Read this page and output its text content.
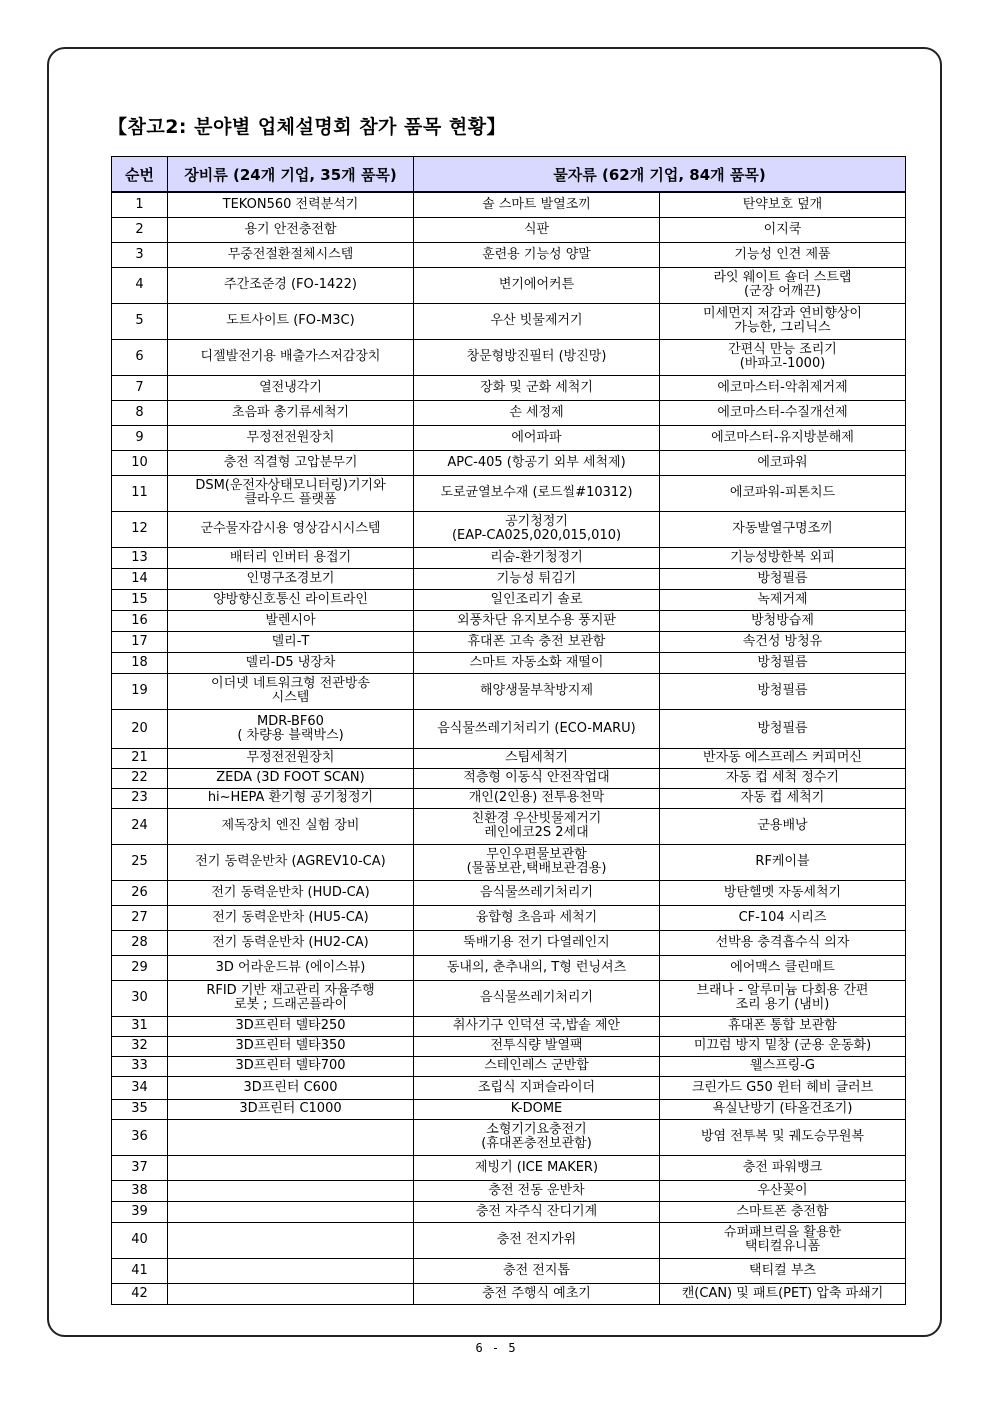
【참고2: 분야별 업체설명회 참가 품목 현황】
순번	장비류 (24개 기업, 35개 품목)	물자류 (62개 기업, 84개 품목)	
1	TEKON560 전력분석기	솔 스마트 발열조끼	탄약보호 덮개
2	용기 안전충전함	식판	이지쿡
3	무중전절환절체시스템	훈련용 기능성 양말	기능성 인견 제품
4	주간조준경 (FO-1422)	변기에어커튼	라잇 웨이트 숄더 스트랩
(군장 어깨끈)
5	도트사이트 (FO-M3C)	우산 빗물제거기	미세먼지 저감과 연비향상이
가능한, 그리닉스
6	디젤발전기용 배출가스저감장치	창문형방진필터 (방진망)	간편식 만능 조리기
(바파고-1000)
7	열전냉각기	장화 및 군화 세척기	에코마스터-악취제거제
8	초음파 총기류세척기	손 세정제	에코마스터-수질개선제
9	무정전전원장치	에어파파	에코마스터-유지방분해제
10	충전 직결형 고압분무기	APC-405 (항공기 외부 세척제)	에코파워
11	DSM(운전자상태모니터링)기기와
클라우드 플랫폼	도로균열보수재 (로드씰#10312)	에코파워-피톤치드
12	군수물자감시용 영상감시시스템	공기청정기
(EAP-CA025,020,015,010)	자동발열구명조끼
13	배터리 인버터 용접기	리숨-환기청정기	기능성방한복 외피
14	인명구조경보기	기능성 튀김기	방청필름
15	양방향신호통신 라이트라인	일인조리기 솔로	녹제거제
16	발렌시아	외풍차단 유지보수용 풍지판	방청방습제
17	델리-T	휴대폰 고속 충전 보관함	속건성 방청유
18	델리-D5 냉장차	스마트 자동소화 재떨이	방청필름
19	이더넷 네트워크형 전관방송
시스템	해양생물부착방지제	방청필름
20	MDR-BF60
( 차량용 블랙박스)	음식물쓰레기처리기 (ECO-MARU)	방청필름
21	무정전전원장치	스팀세척기	반자동 에스프레스 커피머신
22	ZEDA (3D FOOT SCAN)	적층형 이동식 안전작업대	자동 컵 세척 정수기
23	hi~HEPA 환기형 공기청정기	개인(2인용) 전투용천막	자동 컵 세척기
24	제독장치 엔진 실험 장비	친환경 우산빗물제거기
레인에코2S 2세대	군용배낭
25	전기 동력운반차 (AGREV10-CA)	무인우편물보관함
(물품보관,택배보관겸용)	RF케이블
26	전기 동력운반차 (HUD-CA)	음식물쓰레기처리기	방탄헬멧 자동세척기
27	전기 동력운반차 (HU5-CA)	융합형 초음파 세척기	CF-104 시리즈
28	전기 동력운반차 (HU2-CA)	뚝배기용 전기 다열레인지	선박용 충격흡수식 의자
29	3D 어라운드뷰 (에이스뷰)	동내의, 춘추내의, T형 런닝셔츠	에어맥스 클린매트
30	RFID 기반 재고관리 자율주행
로봇 ; 드래곤플라이	음식물쓰레기처리기	브래나 - 알루미늄 다회용 간편
조리 용기 (냄비)
31	3D프린터 델타250	취사기구 인덕션 국,밥솥 제안	휴대폰 통합 보관함
32	3D프린터 델타350	전투식량 발열팩	미끄럼 방지 밑창 (군용 운동화)
33	3D프린터 델타700	스테인레스 군반합	웰스프링-G
34	3D프린터 C600	조립식 지퍼슬라이더	크린가드 G50 윈터 헤비 글러브
35	3D프린터 C1000	K-DOME	욕실난방기 (타올건조기)
36		소형기기요충전기
(휴대폰충전보관함)	방염 전투복 및 궤도승무원복
37		제빙기 (ICE MAKER)	충전 파워뱅크
38		충전 전동 운반차	우산꽂이
39		충전 자주식 잔디기계	스마트폰 충전함
40		충전 전지가위	슈퍼패브릭을 활용한
택티컬유니폼
41		충전 전지톱	택티컬 부츠
42		충전 주행식 예초기	캔(CAN) 및 패트(PET) 압축 파쇄기
6 - 5
